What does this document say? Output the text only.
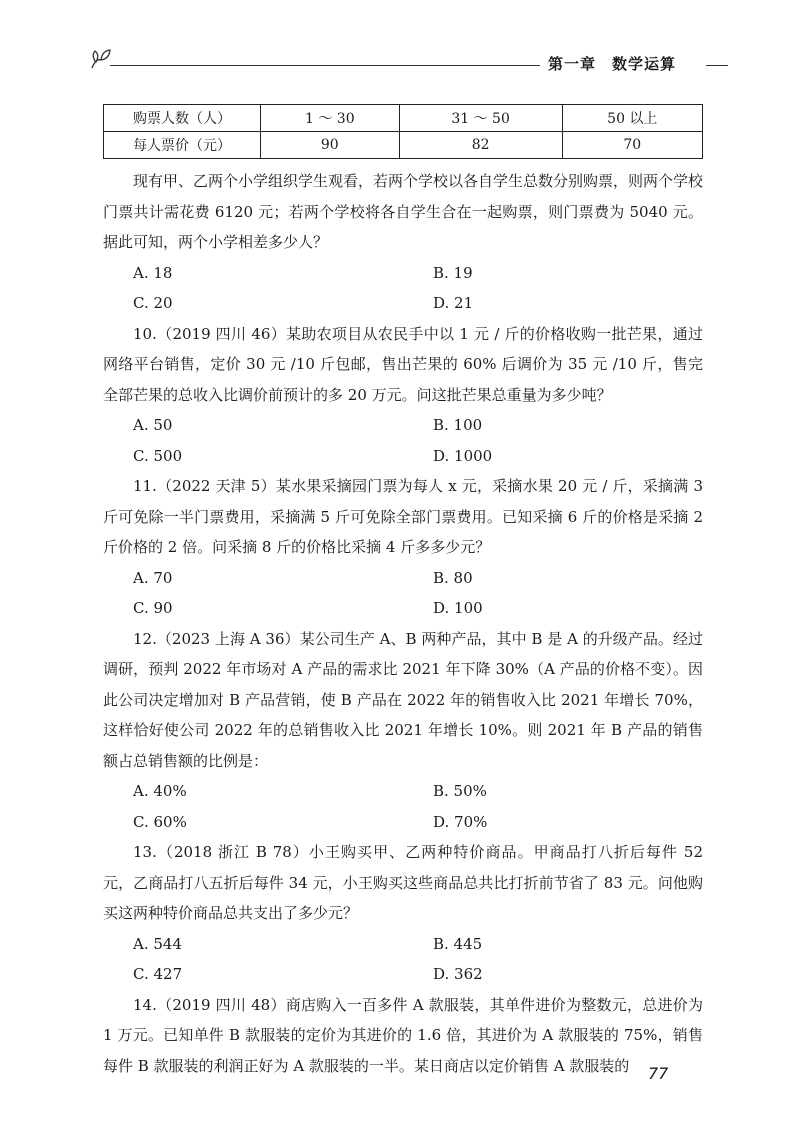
第一章　数学运算
购票人数（人）	1 ～ 30	31 ～ 50	50 以上
每人票价（元）	90	82	70

现有甲、乙两个小学组织学生观看，若两个学校以各自学生总数分别购票，则两个学校门票共计需花费 6120 元；若两个学校将各自学生合在一起购票，则门票费为 5040 元。据此可知，两个小学相差多少人？

A. 18	B. 19
C. 20	D. 21

10.（2019 四川 46）某助农项目从农民手中以 1 元 / 斤的价格收购一批芒果，通过网络平台销售，定价 30 元 /10 斤包邮，售出芒果的 60% 后调价为 35 元 /10 斤，售完全部芒果的总收入比调价前预计的多 20 万元。问这批芒果总重量为多少吨？

A. 50	B. 100
C. 500	D. 1000

11.（2022 天津 5）某水果采摘园门票为每人 x 元，采摘水果 20 元 / 斤，采摘满 3 斤可免除一半门票费用，采摘满 5 斤可免除全部门票费用。已知采摘 6 斤的价格是采摘 2 斤价格的 2 倍。问采摘 8 斤的价格比采摘 4 斤多多少元？

A. 70	B. 80
C. 90	D. 100

12.（2023 上海 A 36）某公司生产 A、B 两种产品，其中 B 是 A 的升级产品。经过调研，预判 2022 年市场对 A 产品的需求比 2021 年下降 30%（A 产品的价格不变）。因此公司决定增加对 B 产品营销，使 B 产品在 2022 年的销售收入比 2021 年增长 70%，这样恰好使公司 2022 年的总销售收入比 2021 年增长 10%。则 2021 年 B 产品的销售额占总销售额的比例是：

A. 40%	B. 50%
C. 60%	D. 70%

13.（2018 浙江 B 78）小王购买甲、乙两种特价商品。甲商品打八折后每件 52 元，乙商品打八五折后每件 34 元，小王购买这些商品总共比打折前节省了 83 元。问他购买这两种特价商品总共支出了多少元？

A. 544	B. 445
C. 427	D. 362

14.（2019 四川 48）商店购入一百多件 A 款服装，其单件进价为整数元，总进价为 1 万元。已知单件 B 款服装的定价为其进价的 1.6 倍，其进价为 A 款服装的 75%，销售每件 B 款服装的利润正好为 A 款服装的一半。某日商店以定价销售 A 款服装的	77
